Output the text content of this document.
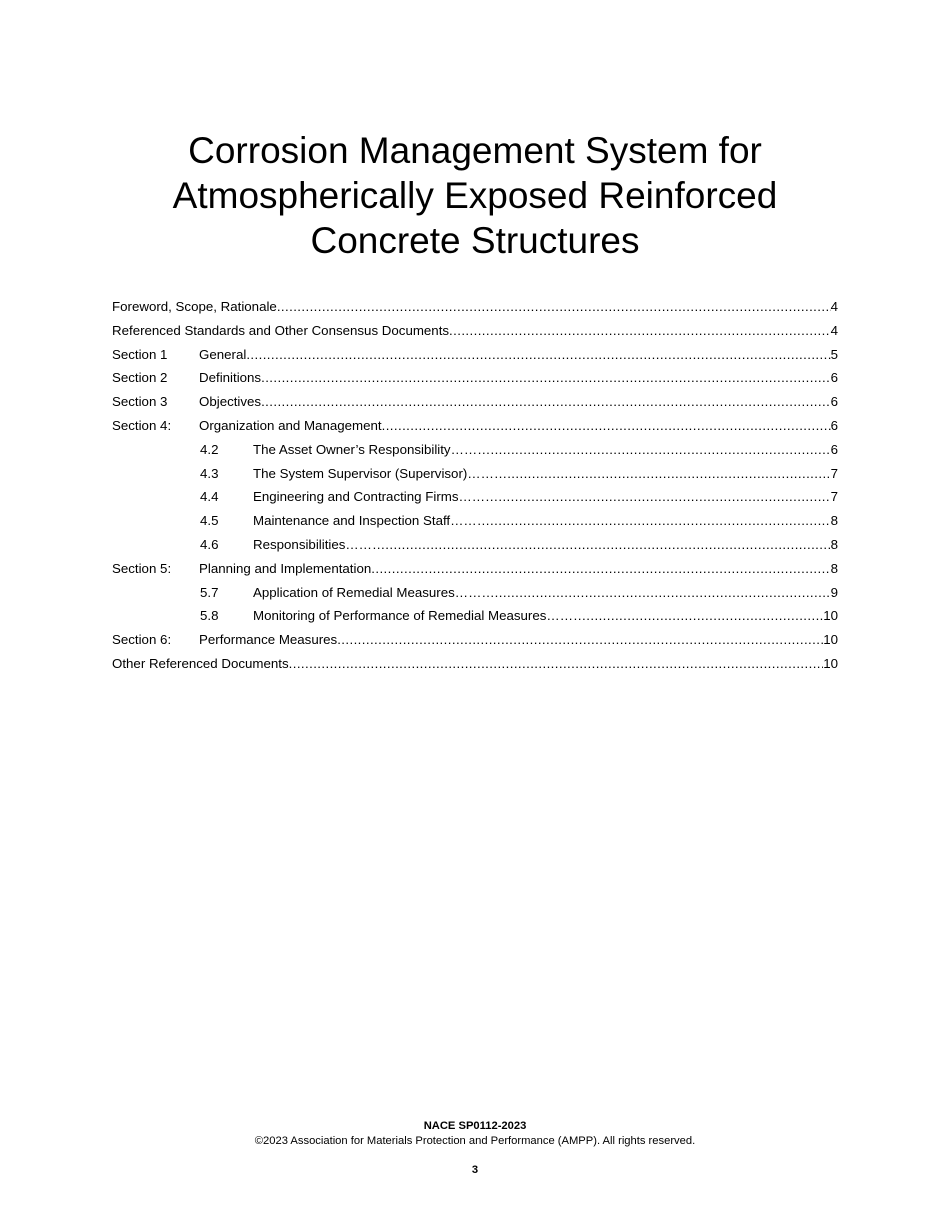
Corrosion Management System for
Atmospherically Exposed Reinforced
Concrete Structures
Foreword, Scope, Rationale .....	4
Referenced Standards and Other Consensus Documents .....	4
Section 1	General .....	5
Section 2	Definitions .....	6
Section 3	Objectives .....	6
Section 4:	Organization and Management .....	6
4.2	The Asset Owner’s Responsibility……… .....	6
4.3	The System Supervisor (Supervisor)……… .....	7
4.4	Engineering and Contracting Firms……… .....	7
4.5	Maintenance and Inspection Staff……… .....	8
4.6	Responsibilities……… .....	8
Section 5:	Planning and Implementation .....	8
5.7	Application of Remedial Measures……… .....	9
5.8	Monitoring of Performance of Remedial Measures……… .....	10
Section 6:	Performance Measures .....	10
Other Referenced Documents .....	10
NACE SP0112-2023
©2023 Association for Materials Protection and Performance (AMPP). All rights reserved.
3
